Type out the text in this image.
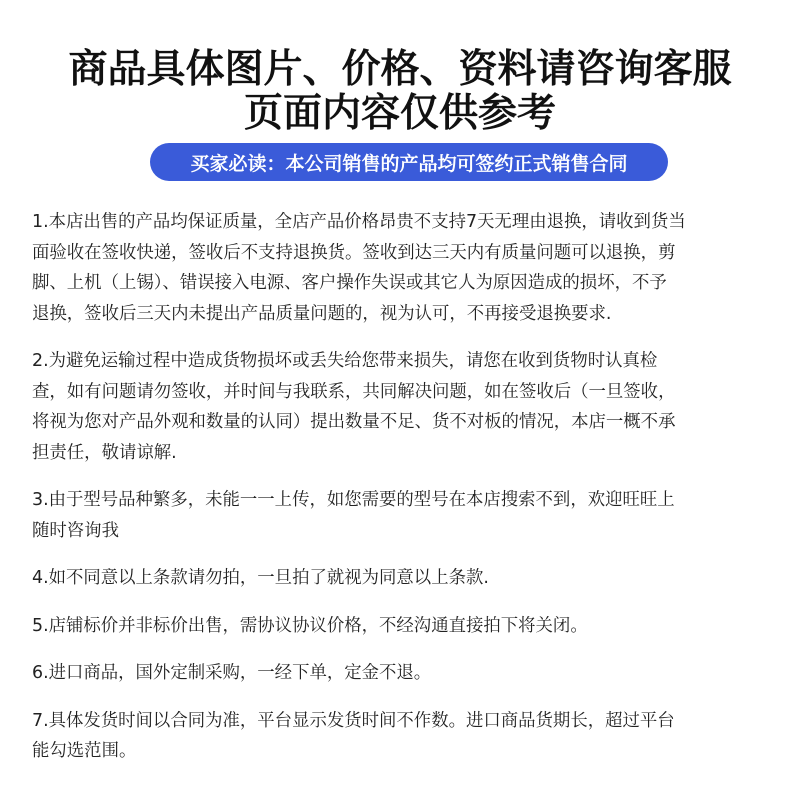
商品具体图片、价格、资料请咨询客服
页面内容仅供参考
买家必读：本公司销售的产品均可签约正式销售合同
1.本店出售的产品均保证质量，全店产品价格昂贵不支持7天无理由退换，请收到货当
面验收在签收快递，签收后不支持退换货。签收到达三天内有质量问题可以退换，剪
脚、上机（上锡）、错误接入电源、客户操作失误或其它人为原因造成的损坏，不予
退换，签收后三天内未提出产品质量问题的，视为认可，不再接受退换要求.
2.为避免运输过程中造成货物损坏或丢失给您带来损失，请您在收到货物时认真检
查，如有问题请勿签收，并时间与我联系，共同解决问题，如在签收后（一旦签收，
将视为您对产品外观和数量的认同）提出数量不足、货不对板的情况，本店一概不承
担责任，敬请谅解.
3.由于型号品种繁多，未能一一上传，如您需要的型号在本店搜索不到，欢迎旺旺上
随时咨询我
4.如不同意以上条款请勿拍，一旦拍了就视为同意以上条款.
5.店铺标价并非标价出售，需协议协议价格，不经沟通直接拍下将关闭。
6.进口商品，国外定制采购，一经下单，定金不退。
7.具体发货时间以合同为准，平台显示发货时间不作数。进口商品货期长，超过平台
能勾选范围。
